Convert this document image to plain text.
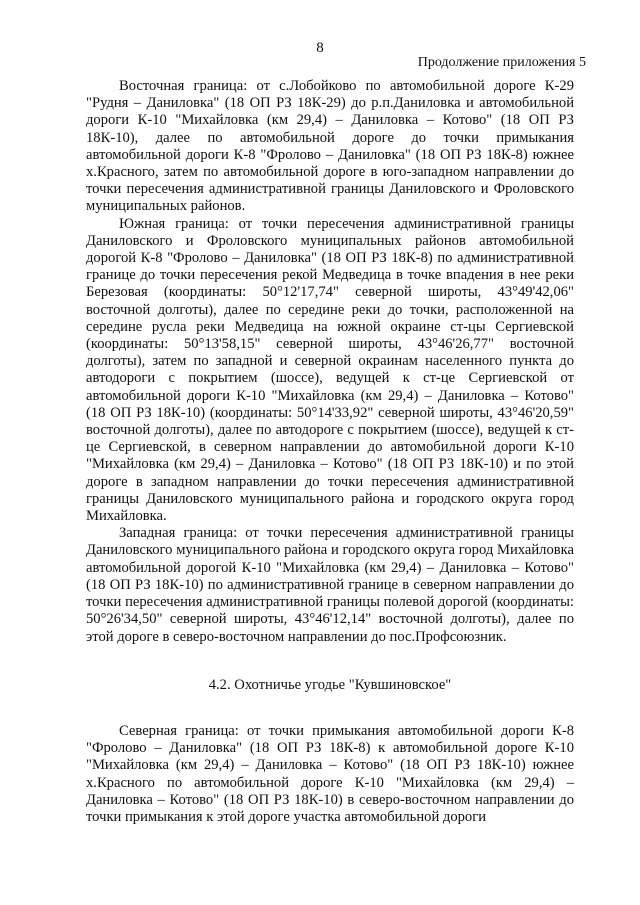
8
Продолжение приложения 5

Восточная граница: от с.Лобойково по автомобильной дороге К-29 "Рудня – Даниловка" (18 ОП РЗ 18К-29) до р.п.Даниловка и автомобильной дороги К-10 "Михайловка (км 29,4) – Даниловка – Котово" (18 ОП РЗ 18К-10), далее по автомобильной дороге до точки примыкания автомобильной дороги К-8 "Фролово – Даниловка" (18 ОП РЗ 18К-8) южнее х.Красного, затем по автомобильной дороге в юго-западном направлении до точки пересечения административной границы Даниловского и Фроловского муниципальных районов.

Южная граница: от точки пересечения административной границы Даниловского и Фроловского муниципальных районов автомобильной дорогой К-8 "Фролово – Даниловка" (18 ОП РЗ 18К-8) по административной границе до точки пересечения рекой Медведица в точке впадения в нее реки Березовая (координаты: 50°12'17,74" северной широты, 43°49'42,06" восточной долготы), далее по середине реки до точки, расположенной на середине русла реки Медведица на южной окраине ст-цы Сергиевской (координаты: 50°13'58,15" северной широты, 43°46'26,77" восточной долготы), затем по западной и северной окраинам населенного пункта до автодороги с покрытием (шоссе), ведущей к ст-це Сергиевской от автомобильной дороги К-10 "Михайловка (км 29,4) – Даниловка – Котово" (18 ОП РЗ 18К-10) (координаты: 50°14'33,92" северной широты, 43°46'20,59" восточной долготы), далее по автодороге с покрытием (шоссе), ведущей к ст-це Сергиевской, в северном направлении до автомобильной дороги К-10 "Михайловка (км 29,4) – Даниловка – Котово" (18 ОП РЗ 18К-10) и по этой дороге в западном направлении до точки пересечения административной границы Даниловского муниципального района и городского округа город Михайловка.

Западная граница: от точки пересечения административной границы Даниловского муниципального района и городского округа город Михайловка автомобильной дорогой К-10 "Михайловка (км 29,4) – Даниловка – Котово" (18 ОП РЗ 18К-10) по административной границе в северном направлении до точки пересечения административной границы полевой дорогой (координаты: 50°26'34,50" северной широты, 43°46'12,14" восточной долготы), далее по этой дороге в северо-восточном направлении до пос.Профсоюзник.

4.2. Охотничье угодье "Кувшиновское"

Северная граница: от точки примыкания автомобильной дороги К-8 "Фролово – Даниловка" (18 ОП РЗ 18К-8) к автомобильной дороге К-10 "Михайловка (км 29,4) – Даниловка – Котово" (18 ОП РЗ 18К-10) южнее х.Красного по автомобильной дороге К-10 "Михайловка (км 29,4) – Даниловка – Котово" (18 ОП РЗ 18К-10) в северо-восточном направлении до точки примыкания к этой дороге участка автомобильной дороги
